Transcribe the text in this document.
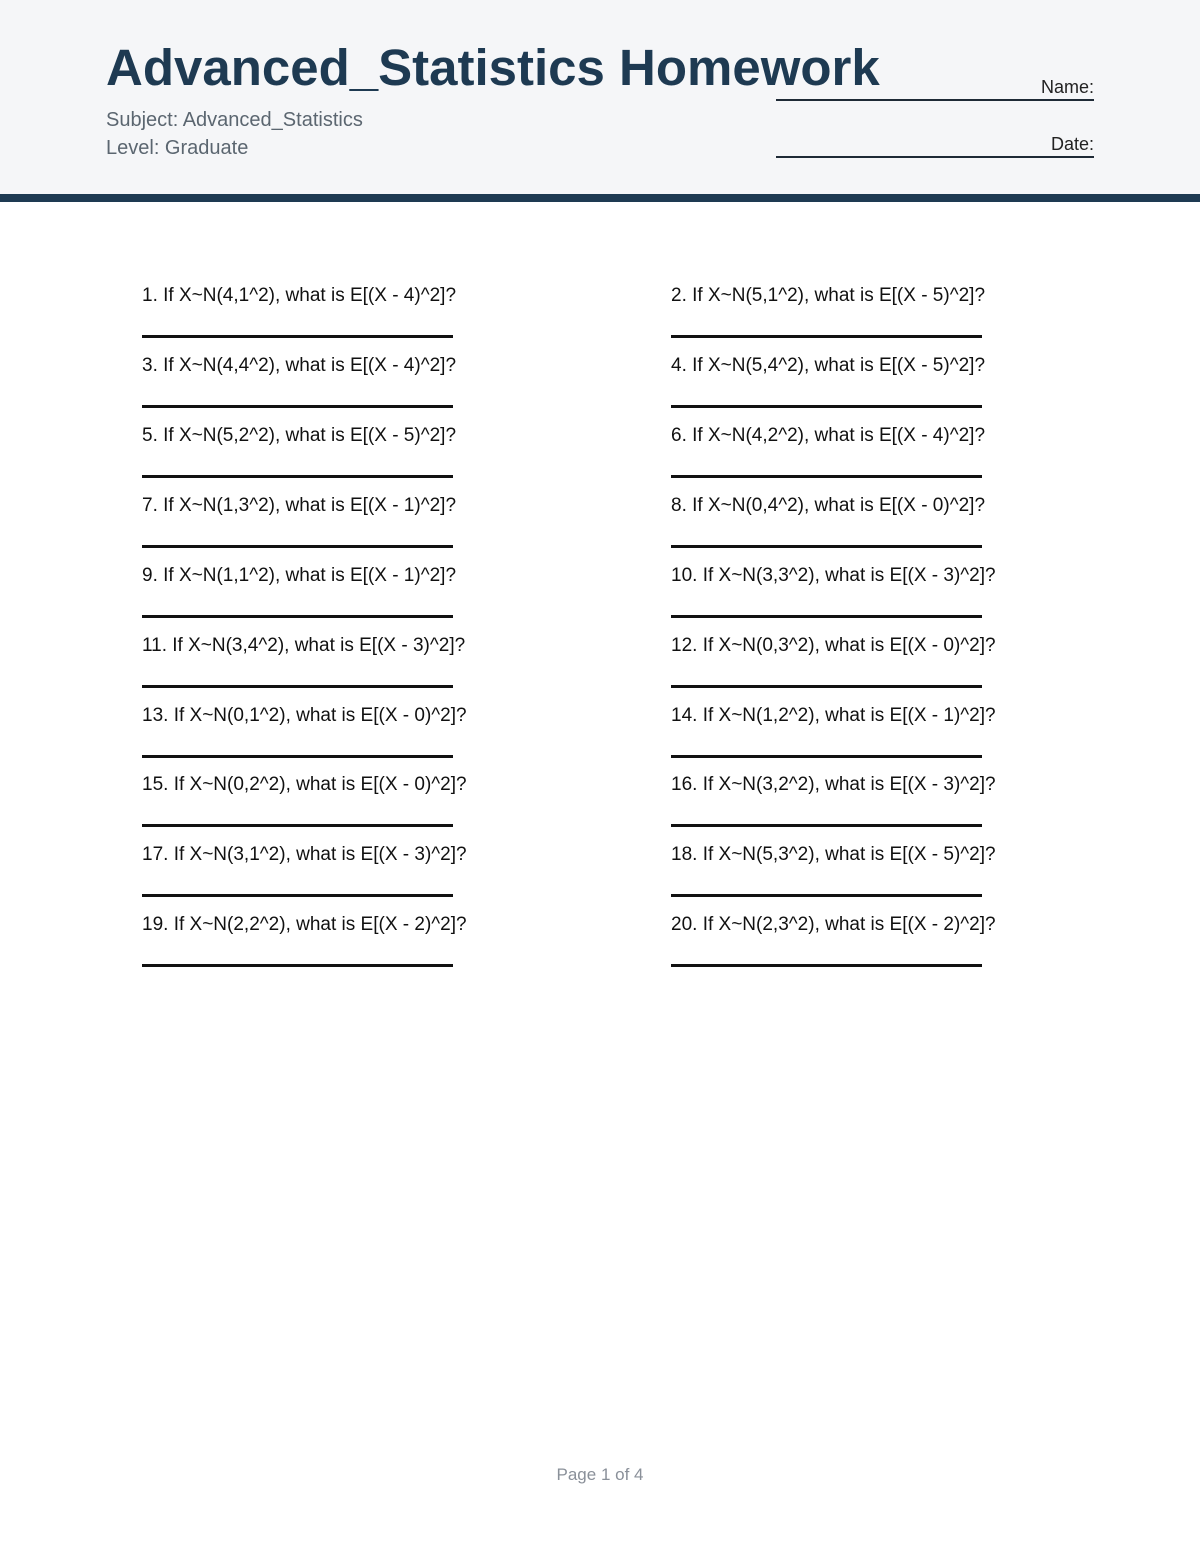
Advanced_Statistics Homework
Subject: Advanced_Statistics
Level: Graduate
Name:
Date:
1. If X~N(4,1^2), what is E[(X - 4)^2]?	2. If X~N(5,1^2), what is E[(X - 5)^2]?
3. If X~N(4,4^2), what is E[(X - 4)^2]?	4. If X~N(5,4^2), what is E[(X - 5)^2]?
5. If X~N(5,2^2), what is E[(X - 5)^2]?	6. If X~N(4,2^2), what is E[(X - 4)^2]?
7. If X~N(1,3^2), what is E[(X - 1)^2]?	8. If X~N(0,4^2), what is E[(X - 0)^2]?
9. If X~N(1,1^2), what is E[(X - 1)^2]?	10. If X~N(3,3^2), what is E[(X - 3)^2]?
11. If X~N(3,4^2), what is E[(X - 3)^2]?	12. If X~N(0,3^2), what is E[(X - 0)^2]?
13. If X~N(0,1^2), what is E[(X - 0)^2]?	14. If X~N(1,2^2), what is E[(X - 1)^2]?
15. If X~N(0,2^2), what is E[(X - 0)^2]?	16. If X~N(3,2^2), what is E[(X - 3)^2]?
17. If X~N(3,1^2), what is E[(X - 3)^2]?	18. If X~N(5,3^2), what is E[(X - 5)^2]?
19. If X~N(2,2^2), what is E[(X - 2)^2]?	20. If X~N(2,3^2), what is E[(X - 2)^2]?
Page 1 of 4
